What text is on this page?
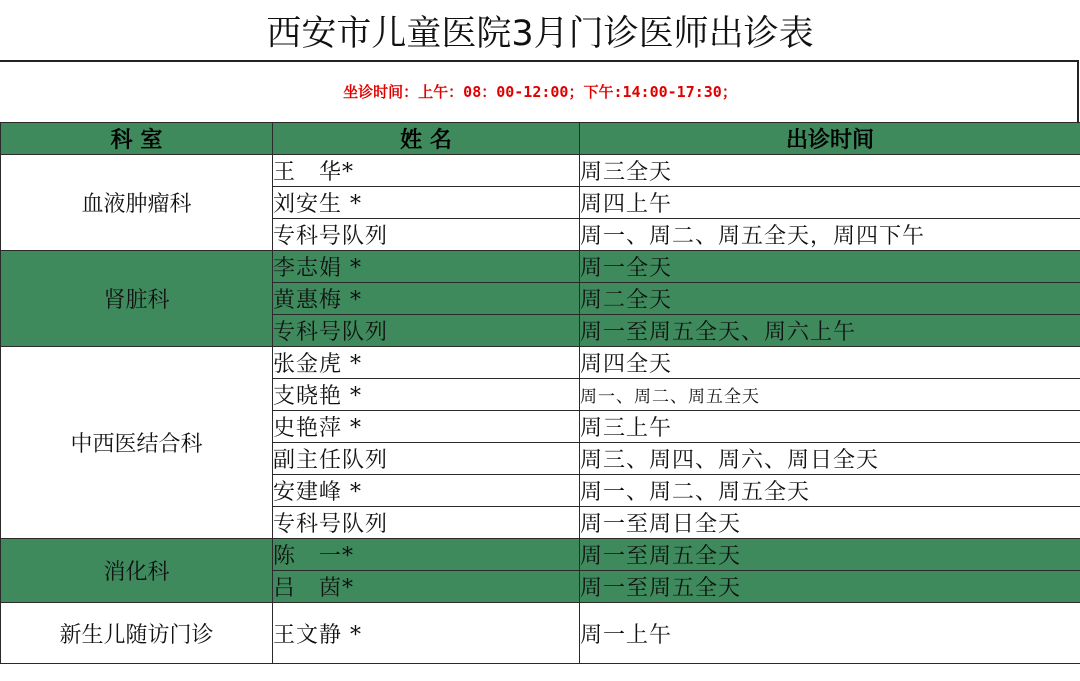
西安市儿童医院3月门诊医师出诊表
坐诊时间：上午：08：00-12:00；下午:14:00-17:30；
科 室	姓 名	出诊时间
血液肿瘤科	王　华*	周三全天
	刘安生 *	周四上午
	专科号队列	周一、周二、周五全天，周四下午
肾脏科	李志娟 *	周一全天
	黄惠梅 *	周二全天
	专科号队列	周一至周五全天、周六上午
中西医结合科	张金虎 *	周四全天
	支晓艳 *	周一、周二、周五全天
	史艳萍 *	周三上午
	副主任队列	周三、周四、周六、周日全天
	安建峰 *	周一、周二、周五全天
	专科号队列	周一至周日全天
消化科	陈　一*	周一至周五全天
	吕　茵*	周一至周五全天
新生儿随访门诊	王文静 *	周一上午
